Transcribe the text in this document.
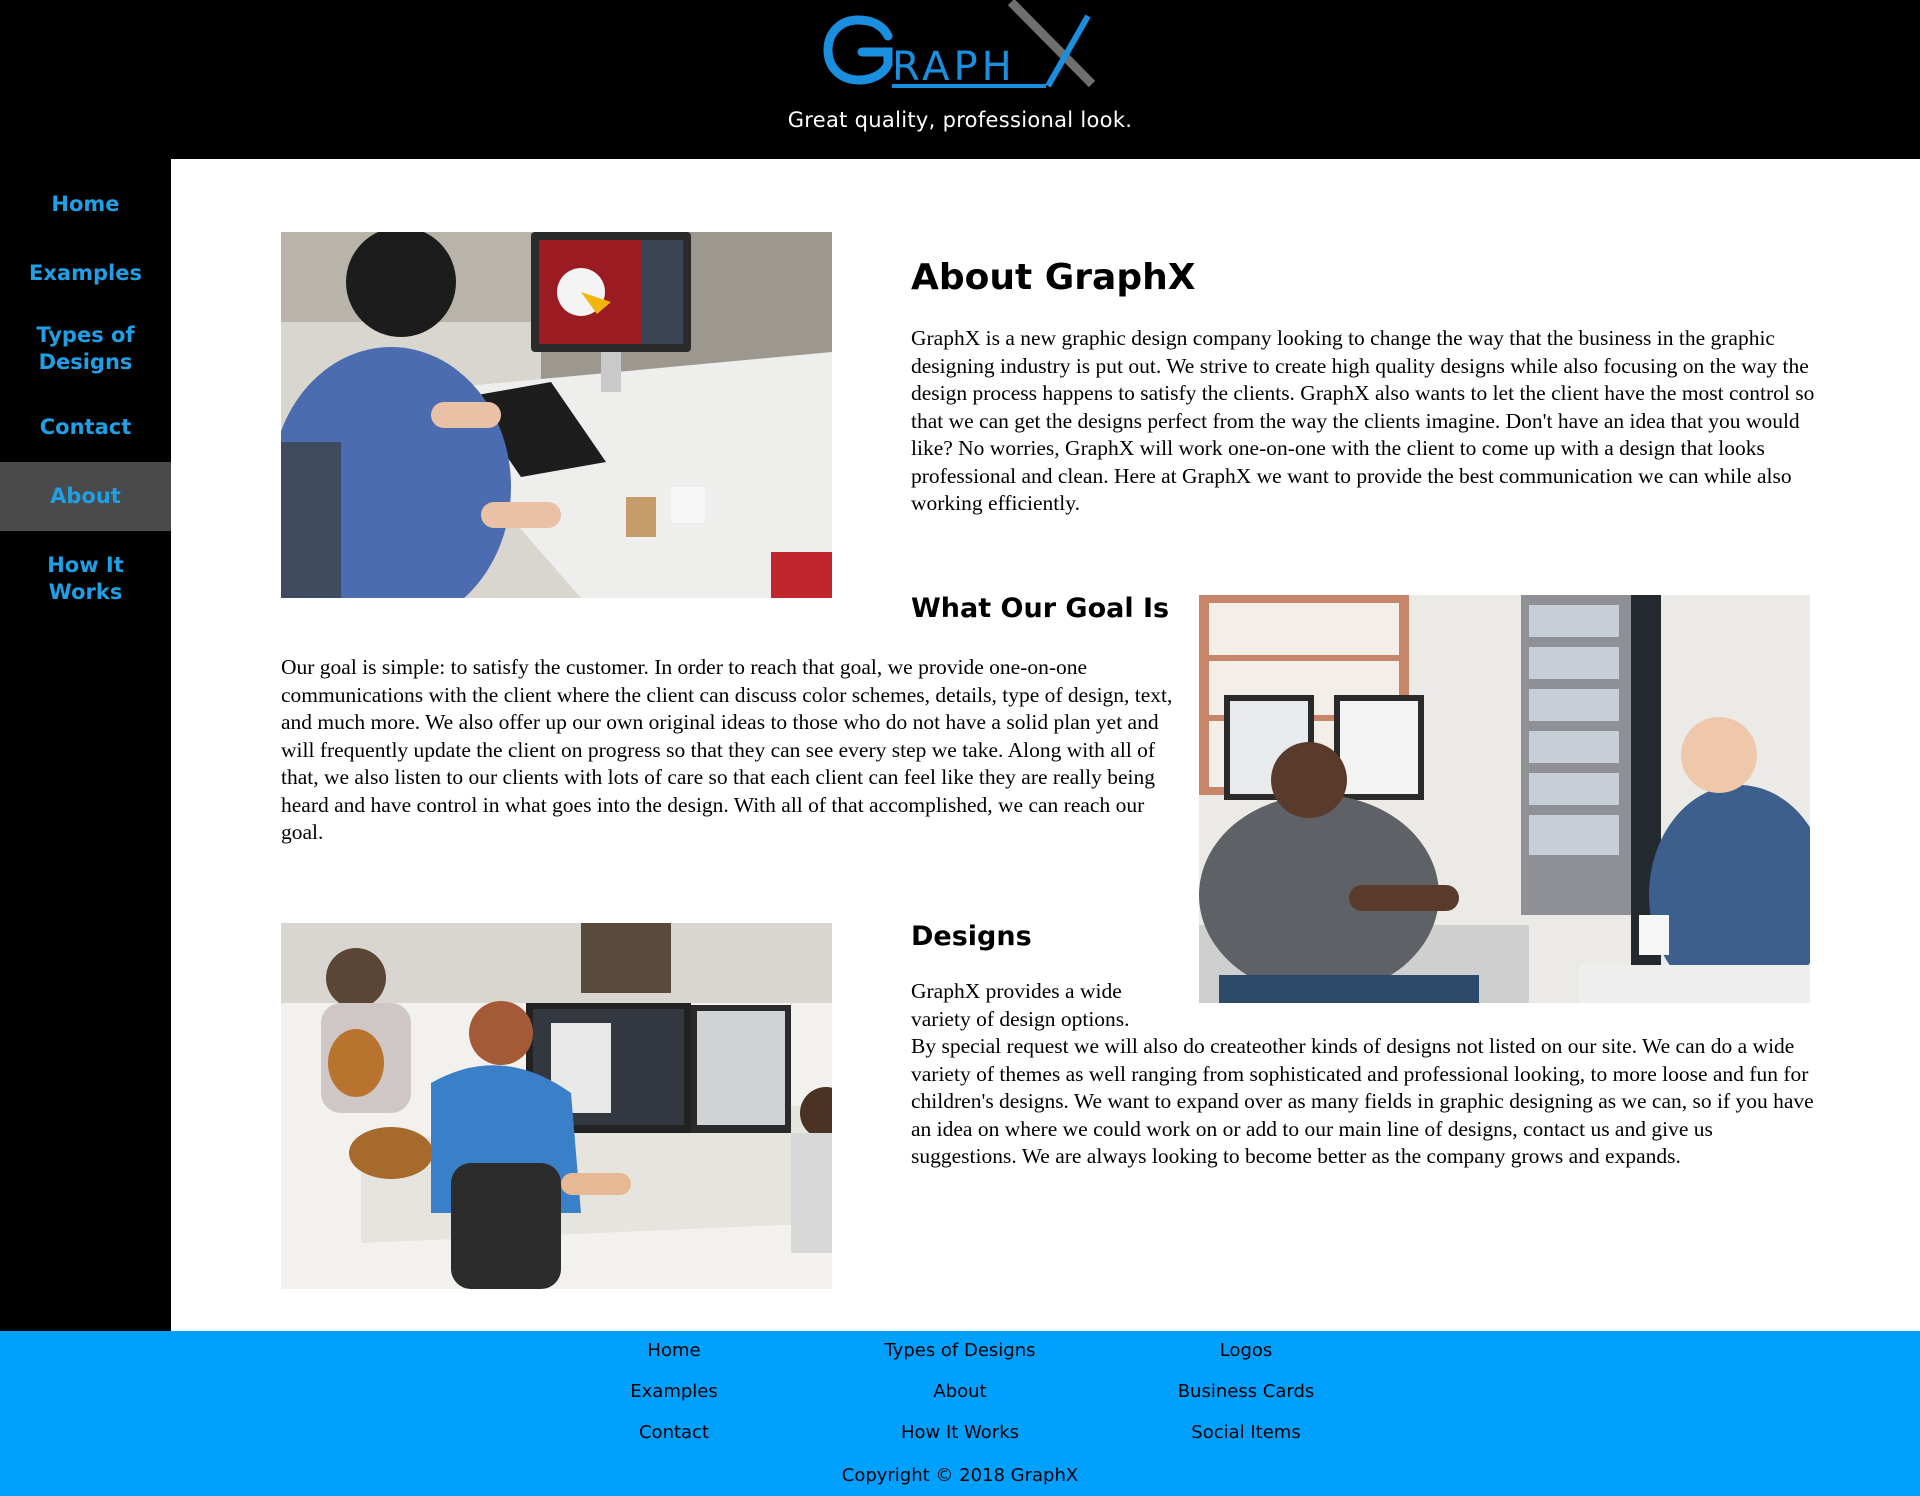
RAPH
Great quality, professional look.
Home
Examples
Types of Designs
Contact
About
How It Works
About GraphX

GraphX is a new graphic design company looking to change the way that the business in the graphic designing industry is put out. We strive to create high quality designs while also focusing on the way the design process happens to satisfy the clients. GraphX also wants to let the client have the most control so that we can get the designs perfect from the way the clients imagine. Don't have an idea that you would like? No worries, GraphX will work one-on-one with the client to come up with a design that looks professional and clean. Here at GraphX we want to provide the best communication we can while also working efficiently.

What Our Goal Is

Our goal is simple: to satisfy the customer. In order to reach that goal, we provide one-on-one communications with the client where the client can discuss color schemes, details, type of design, text, and much more. We also offer up our own original ideas to those who do not have a solid plan yet and will frequently update the client on progress so that they can see every step we take. Along with all of that, we also listen to our clients with lots of care so that each client can feel like they are really being heard and have control in what goes into the design. With all of that accomplished, we can reach our goal.

Designs

GraphX provides a wide variety of design options.

By special request we will also do createother kinds of designs not listed on our site. We can do a wide variety of themes as well ranging from sophisticated and professional looking, to more loose and fun for children's designs. We want to expand over as many fields in graphic designing as we can, so if you have an idea on where we could work on or add to our main line of designs, contact us and give us suggestions. We are always looking to become better as the company grows and expands.

Home
Examples
Contact
Types of Designs
About
How It Works
Logos
Business Cards
Social Items
Copyright © 2018 GraphX
